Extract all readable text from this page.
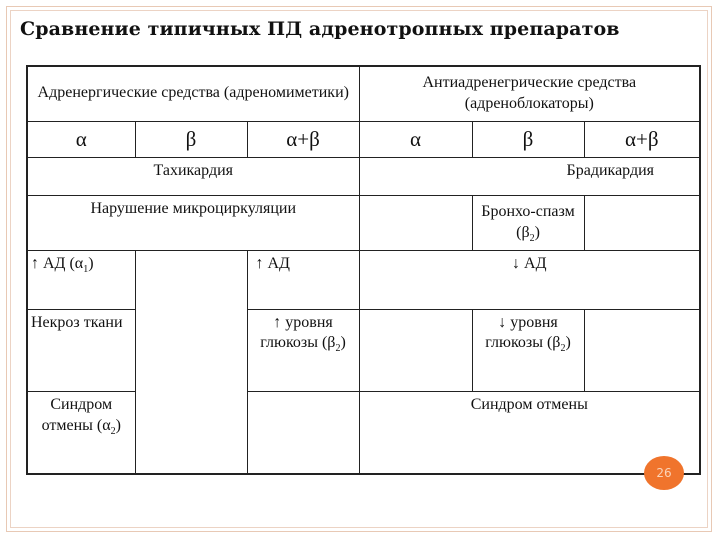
Сравнение типичных ПД адренотропных препаратов
Адренергические средства (адреномиметики)			Антиадренегрические средства (адреноблокаторы)		
α	β	α+β	α	β	α+β
Тахикардия			Брадикардия		
Нарушение микроциркуляции				Бронхо-спазм $(\beta_2)$	
↑ АД $(\alpha_1)$		↑ АД	↓ АД		
Некроз ткани		↑ уровня глюкозы $(\beta_2)$		↓ уровня глюкозы $(\beta_2)$	
Синдром отмены $(\alpha_2)$			Синдром отмены		
26
